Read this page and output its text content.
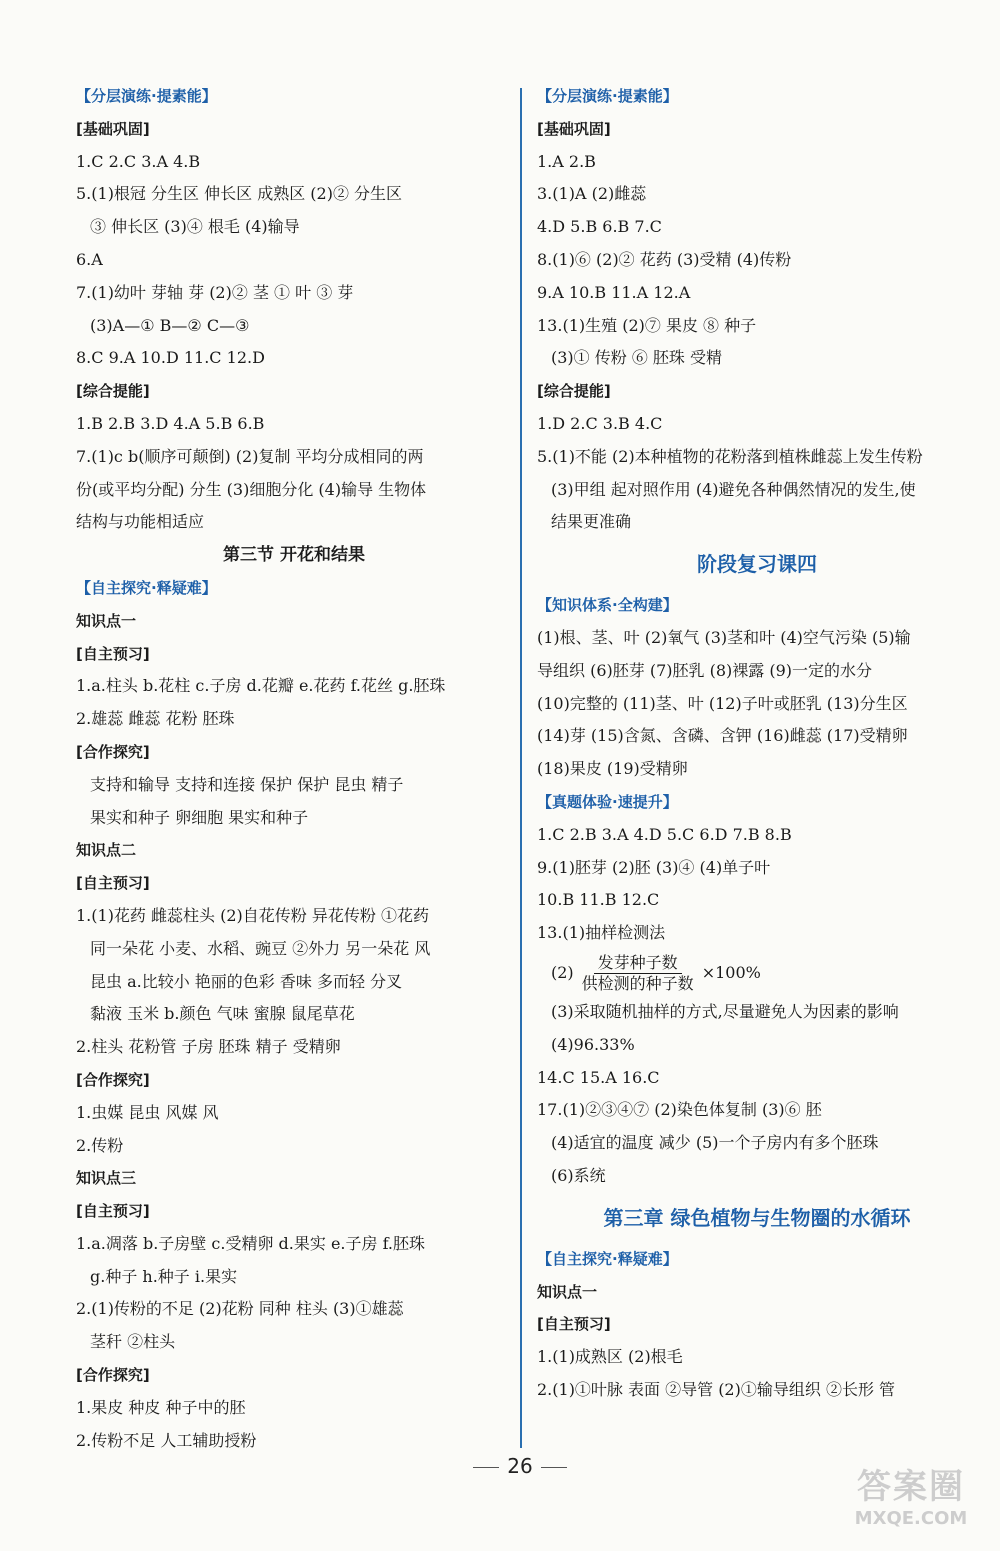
【分层演练·提素能】
[基础巩固]
1.C 2.C 3.A 4.B
5.(1)根冠 分生区 伸长区 成熟区 (2)② 分生区
③ 伸长区 (3)④ 根毛 (4)输导
6.A
7.(1)幼叶 芽轴 芽 (2)② 茎 ① 叶 ③ 芽
(3)A—① B—② C—③
8.C 9.A 10.D 11.C 12.D
[综合提能]
1.B 2.B 3.D 4.A 5.B 6.B
7.(1)c b(顺序可颠倒) (2)复制 平均分成相同的两
份(或平均分配) 分生 (3)细胞分化 (4)输导 生物体
结构与功能相适应
第三节 开花和结果
【自主探究·释疑难】
知识点一
[自主预习]
1.a.柱头 b.花柱 c.子房 d.花瓣 e.花药 f.花丝 g.胚珠
2.雄蕊 雌蕊 花粉 胚珠
[合作探究]
支持和输导 支持和连接 保护 保护 昆虫 精子
果实和种子 卵细胞 果实和种子
知识点二
[自主预习]
1.(1)花药 雌蕊柱头 (2)自花传粉 异花传粉 ①花药
同一朵花 小麦、水稻、豌豆 ②外力 另一朵花 风
昆虫 a.比较小 艳丽的色彩 香味 多而轻 分叉
黏液 玉米 b.颜色 气味 蜜腺 鼠尾草花
2.柱头 花粉管 子房 胚珠 精子 受精卵
[合作探究]
1.虫媒 昆虫 风媒 风
2.传粉
知识点三
[自主预习]
1.a.凋落 b.子房壁 c.受精卵 d.果实 e.子房 f.胚珠
g.种子 h.种子 i.果实
2.(1)传粉的不足 (2)花粉 同种 柱头 (3)①雄蕊
茎秆 ②柱头
[合作探究]
1.果皮 种皮 种子中的胚
2.传粉不足 人工辅助授粉
【分层演练·提素能】
[基础巩固]
1.A 2.B
3.(1)A (2)雌蕊
4.D 5.B 6.B 7.C
8.(1)⑥ (2)② 花药 (3)受精 (4)传粉
9.A 10.B 11.A 12.A
13.(1)生殖 (2)⑦ 果皮 ⑧ 种子
(3)① 传粉 ⑥ 胚珠 受精
[综合提能]
1.D 2.C 3.B 4.C
5.(1)不能 (2)本种植物的花粉落到植株雌蕊上发生传粉
(3)甲组 起对照作用 (4)避免各种偶然情况的发生,使
结果更准确
阶段复习课四
【知识体系·全构建】
(1)根、茎、叶 (2)氧气 (3)茎和叶 (4)空气污染 (5)输
导组织 (6)胚芽 (7)胚乳 (8)裸露 (9)一定的水分
(10)完整的 (11)茎、叶 (12)子叶或胚乳 (13)分生区
(14)芽 (15)含氮、含磷、含钾 (16)雌蕊 (17)受精卵
(18)果皮 (19)受精卵
【真题体验·速提升】
1.C 2.B 3.A 4.D 5.C 6.D 7.B 8.B
9.(1)胚芽 (2)胚 (3)④ (4)单子叶
10.B 11.B 12.C
13.(1)抽样检测法
$(2) \frac{\text{发芽种子数}}{\text{供检测的种子数}} \times 100\%$
(3)采取随机抽样的方式,尽量避免人为因素的影响
(4)96.33%
14.C 15.A 16.C
17.(1)②③④⑦ (2)染色体复制 (3)⑥ 胚
(4)适宜的温度 减少 (5)一个子房内有多个胚珠
(6)系统
第三章 绿色植物与生物圈的水循环
【自主探究·释疑难】
知识点一
[自主预习]
1.(1)成熟区 (2)根毛
2.(1)①叶脉 表面 ②导管 (2)①输导组织 ②长形 管
26
答案圈
MXQE.COM
